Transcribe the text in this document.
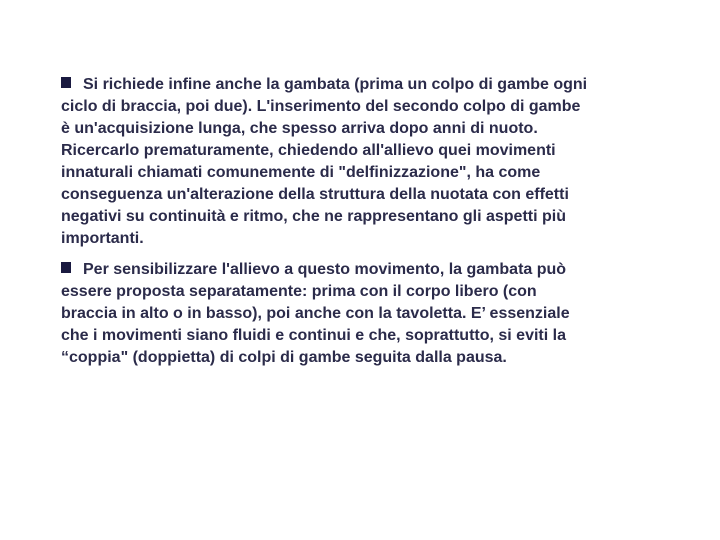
Si richiede infine anche la gambata (prima un colpo di gambe ogni
ciclo di braccia, poi due). L'inserimento del secondo colpo di gambe
è un'acquisizione lunga, che spesso arriva dopo anni di nuoto.
Ricercarlo prematuramente, chiedendo all'allievo quei movimenti
innaturali chiamati comunemente di "delfinizzazione", ha come
conseguenza un'alterazione della struttura della nuotata con effetti
negativi su continuità e ritmo, che ne rappresentano gli aspetti più
importanti.
Per sensibilizzare l'allievo a questo movimento, la gambata può
essere proposta separatamente: prima con il corpo libero (con
braccia in alto o in basso), poi anche con la tavoletta. E’ essenziale
che i movimenti siano fluidi e continui e che, soprattutto, si eviti la
“coppia" (doppietta) di colpi di gambe seguita dalla pausa.
